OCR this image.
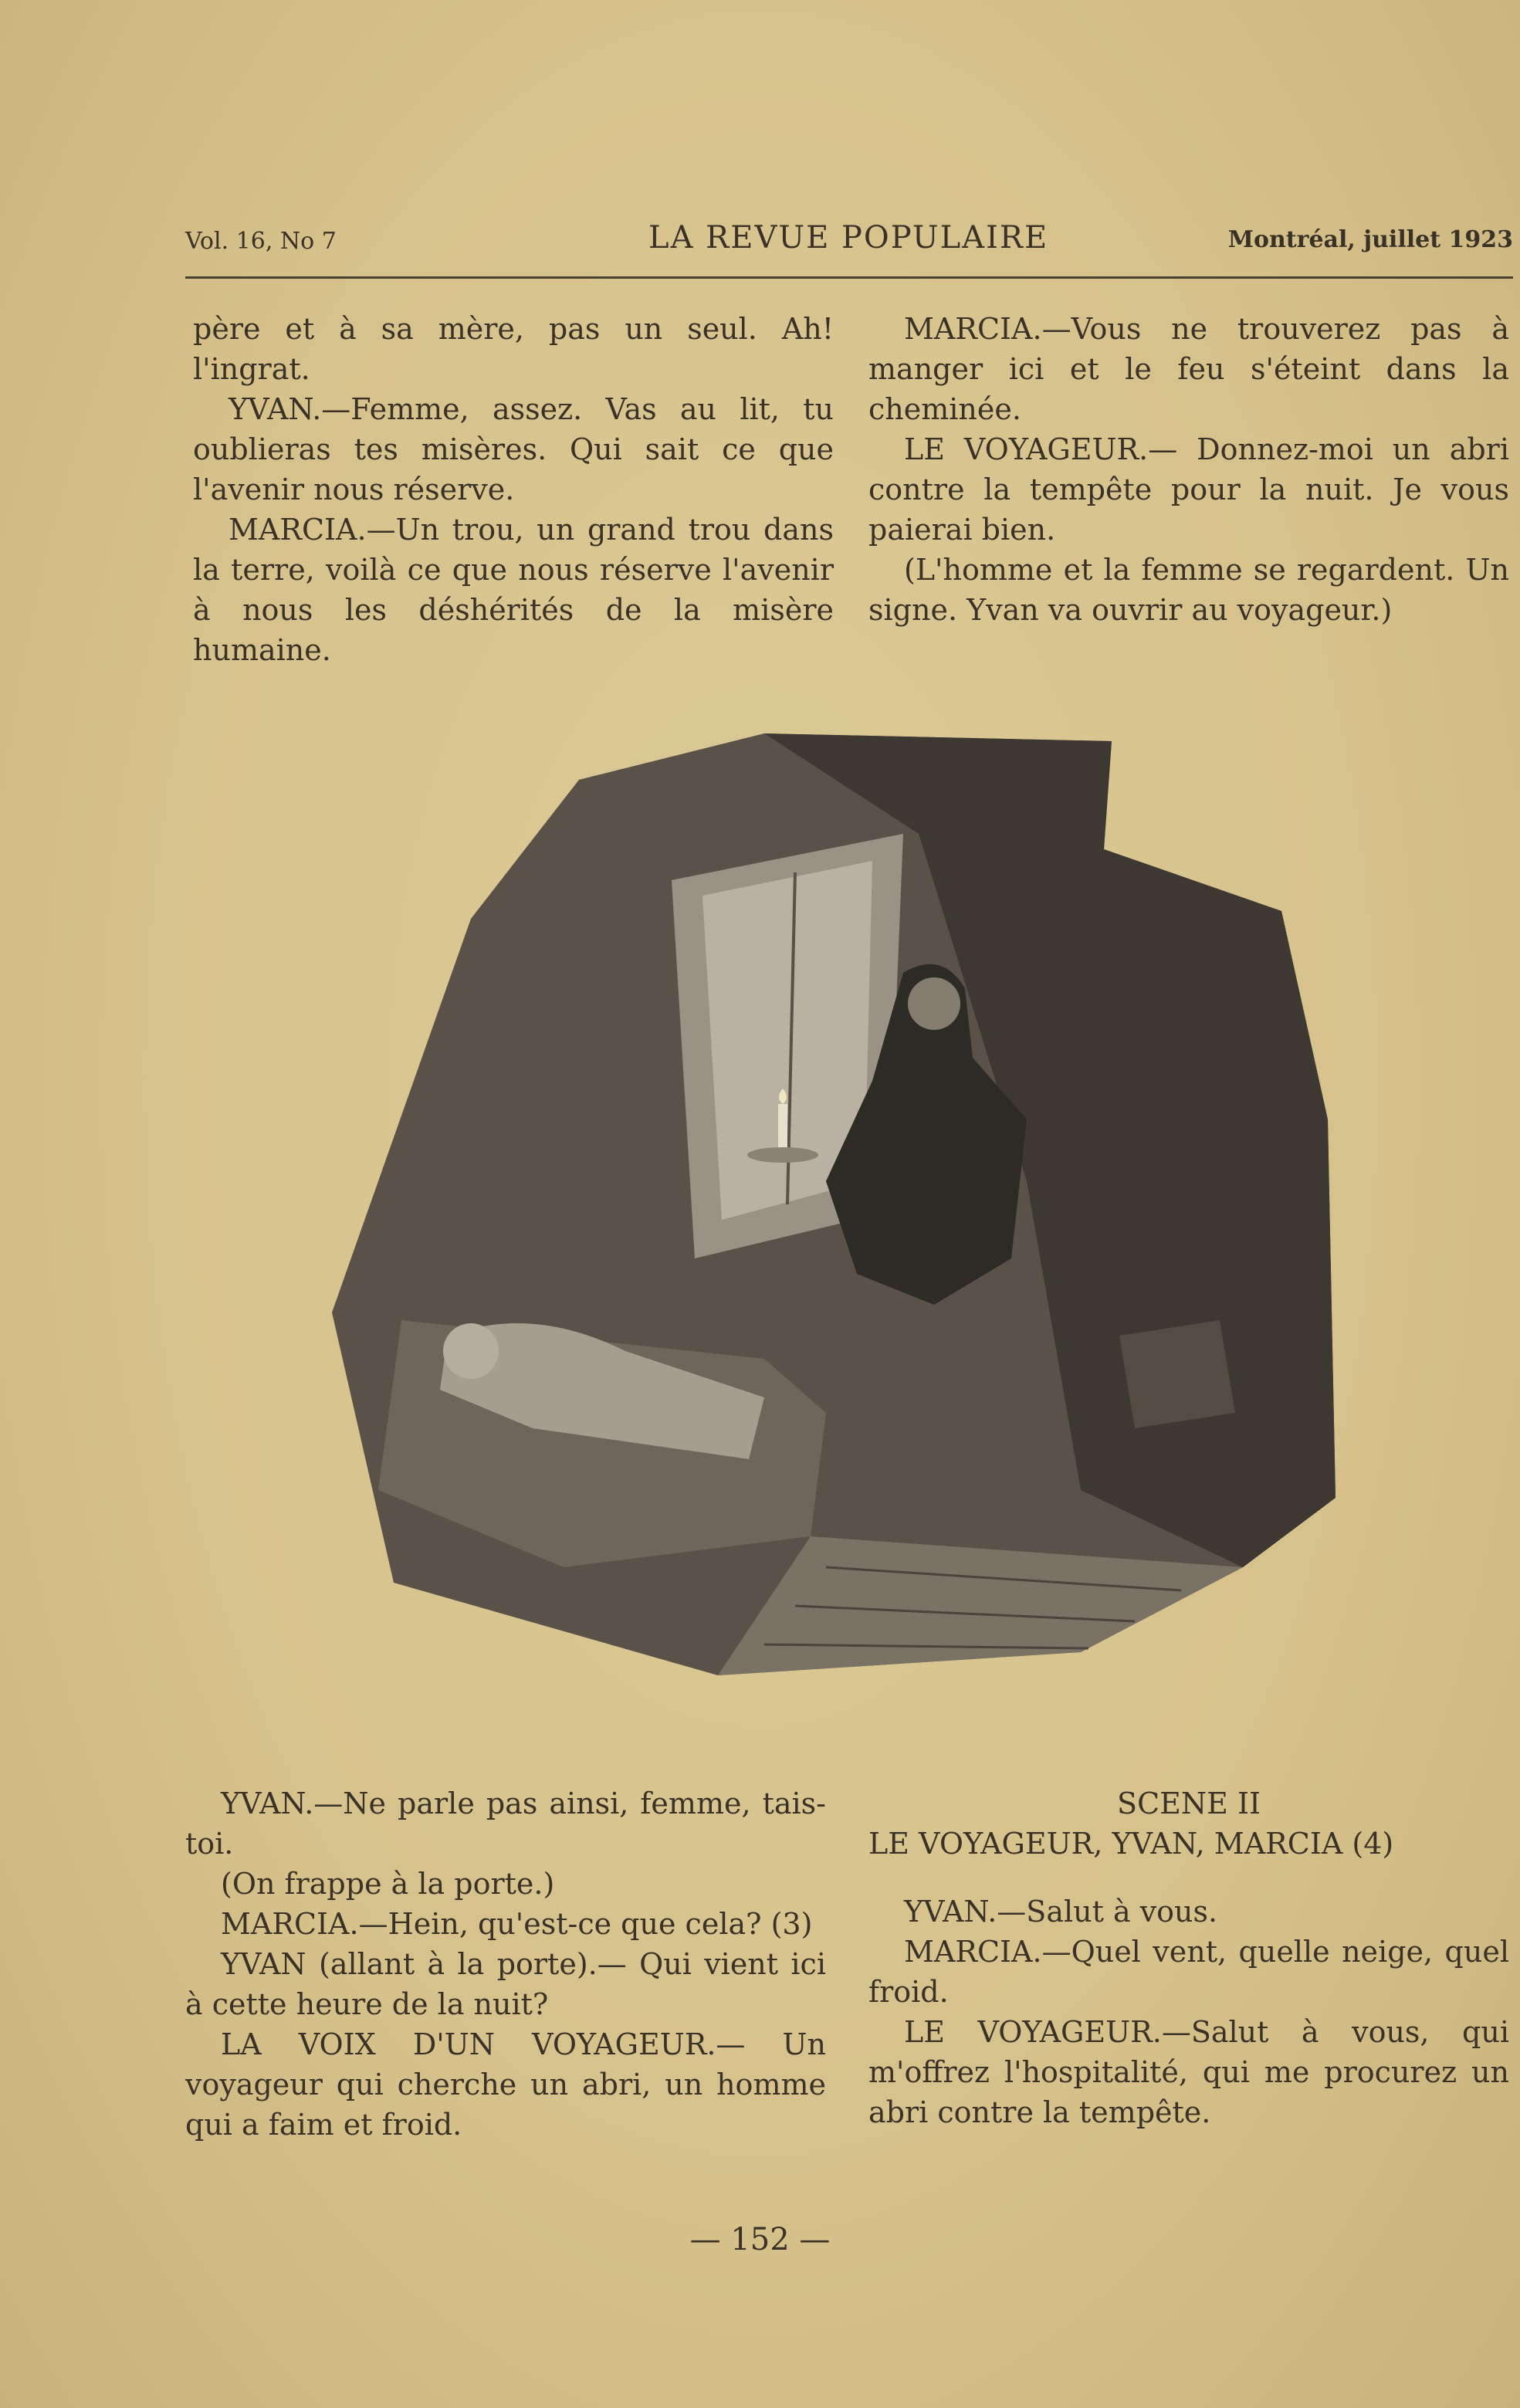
Vol. 16, No 7	LA REVUE POPULAIRE	Montréal, juillet 1923

père et à sa mère, pas un seul. Ah! l'ingrat.

YVAN.—Femme, assez. Vas au lit, tu oublieras tes misères. Qui sait ce que l'avenir nous réserve.

MARCIA.—Un trou, un grand trou dans la terre, voilà ce que nous réserve l'avenir à nous les déshérités de la misère humaine.

MARCIA.—Vous ne trouverez pas à manger ici et le feu s'éteint dans la cheminée.

LE VOYAGEUR.— Donnez-moi un abri contre la tempête pour la nuit. Je vous paierai bien.

(L'homme et la femme se regardent. Un signe. Yvan va ouvrir au voyageur.)

YVAN.—Ne parle pas ainsi, femme, tais-toi.

(On frappe à la porte.)

MARCIA.—Hein, qu'est-ce que cela? (3)

YVAN (allant à la porte).— Qui vient ici à cette heure de la nuit?

LA VOIX D'UN VOYAGEUR.— Un voyageur qui cherche un abri, un homme qui a faim et froid.

SCENE II

LE VOYAGEUR, YVAN, MARCIA (4)

YVAN.—Salut à vous.

MARCIA.—Quel vent, quelle neige, quel froid.

LE VOYAGEUR.—Salut à vous, qui m'offrez l'hospitalité, qui me procurez un abri contre la tempête.

— 152 —
